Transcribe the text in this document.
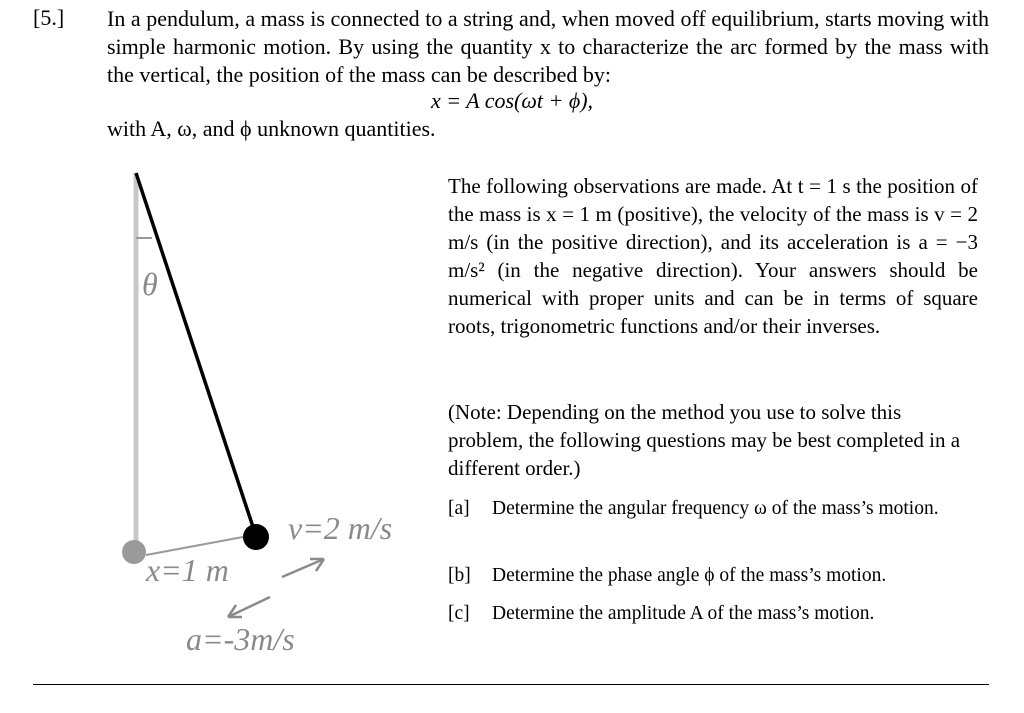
[5.] In a pendulum, a mass is connected to a string and, when moved off equilibrium, starts moving with simple harmonic motion. By using the quantity x to characterize the arc formed by the mass with the vertical, the position of the mass can be described by:

x = A cos(ωt + ϕ),
with A, ω, and ϕ unknown quantities.
θ
v=2 m/s
x=1 m
a=-3m/s
The following observations are made. At t = 1 s the position of the mass is x = 1 m (positive), the velocity of the mass is v = 2 m/s (in the positive direction), and its acceleration is a = −3 m/s² (in the negative direction). Your answers should be numerical with proper units and can be in terms of square roots, trigonometric functions and/or their inverses.
(Note: Depending on the method you use to solve this problem, the following questions may be best completed in a different order.)
[a] Determine the angular frequency ω of the mass’s motion.
[b] Determine the phase angle ϕ of the mass’s motion.
[c] Determine the amplitude A of the mass’s motion.
